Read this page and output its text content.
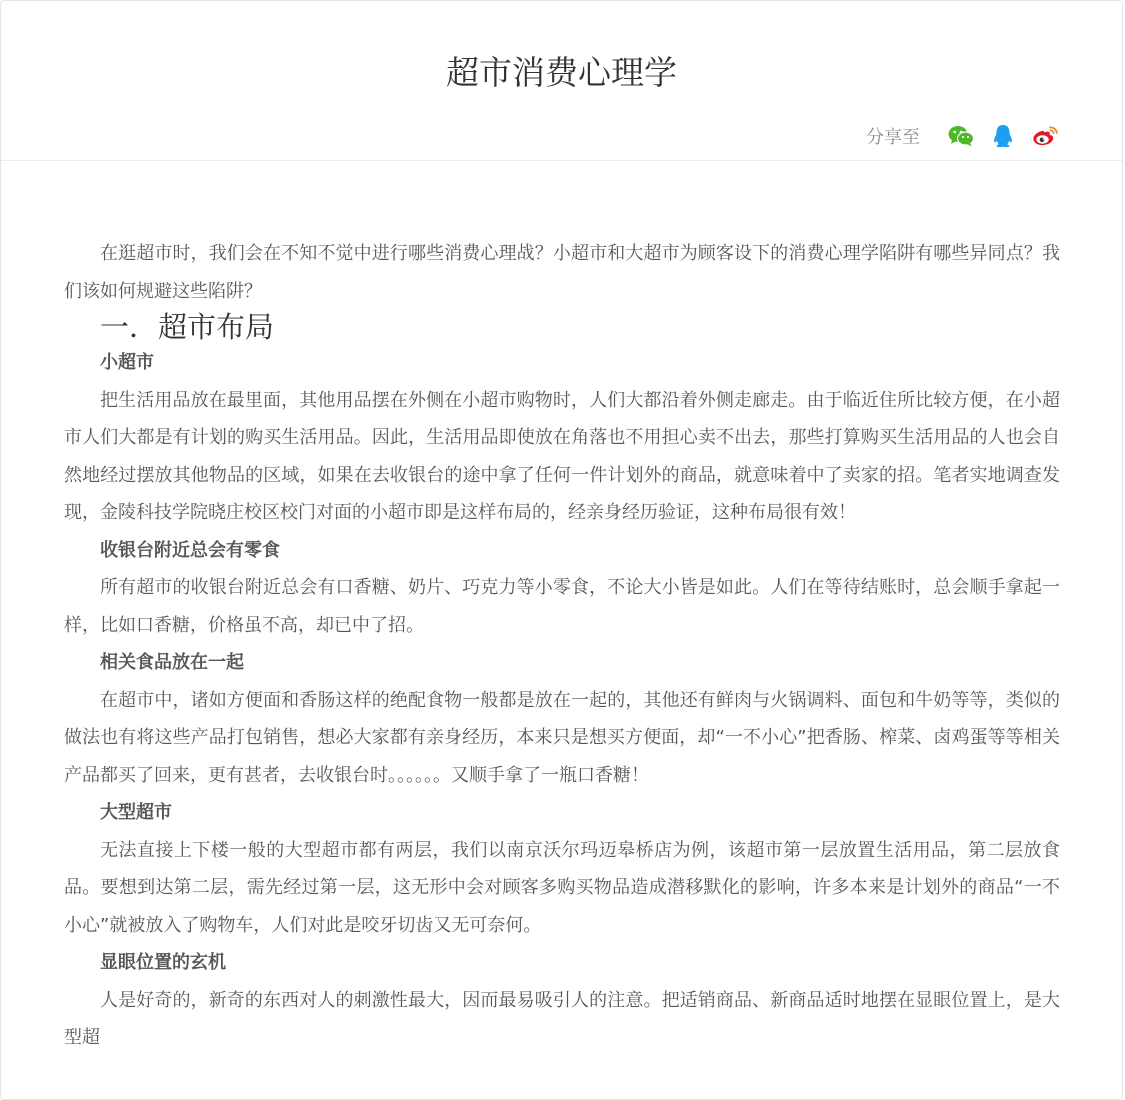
超市消费心理学
分享至

在逛超市时，我们会在不知不觉中进行哪些消费心理战？小超市和大超市为顾客设下的消费心理学陷阱有哪些异同点？我们该如何规避这些陷阱？

一．超市布局
小超市

把生活用品放在最里面，其他用品摆在外侧在小超市购物时，人们大都沿着外侧走廊走。由于临近住所比较方便，在小超市人们大都是有计划的购买生活用品。因此，生活用品即使放在角落也不用担心卖不出去，那些打算购买生活用品的人也会自然地经过摆放其他物品的区域，如果在去收银台的途中拿了任何一件计划外的商品，就意味着中了卖家的招。笔者实地调查发现，金陵科技学院晓庄校区校门对面的小超市即是这样布局的，经亲身经历验证，这种布局很有效！

收银台附近总会有零食

所有超市的收银台附近总会有口香糖、奶片、巧克力等小零食，不论大小皆是如此。人们在等待结账时，总会顺手拿起一样，比如口香糖，价格虽不高，却已中了招。

相关食品放在一起

在超市中，诸如方便面和香肠这样的绝配食物一般都是放在一起的，其他还有鲜肉与火锅调料、面包和牛奶等等，类似的做法也有将这些产品打包销售，想必大家都有亲身经历，本来只是想买方便面，却“一不小心”把香肠、榨菜、卤鸡蛋等等相关产品都买了回来，更有甚者，去收银台时。。。。。。又顺手拿了一瓶口香糖！

大型超市

无法直接上下楼一般的大型超市都有两层，我们以南京沃尔玛迈皋桥店为例，该超市第一层放置生活用品，第二层放食品。要想到达第二层，需先经过第一层，这无形中会对顾客多购买物品造成潜移默化的影响，许多本来是计划外的商品“一不小心”就被放入了购物车，人们对此是咬牙切齿又无可奈何。

显眼位置的玄机

人是好奇的，新奇的东西对人的刺激性最大，因而最易吸引人的注意。把适销商品、新商品适时地摆在显眼位置上，是大型超
